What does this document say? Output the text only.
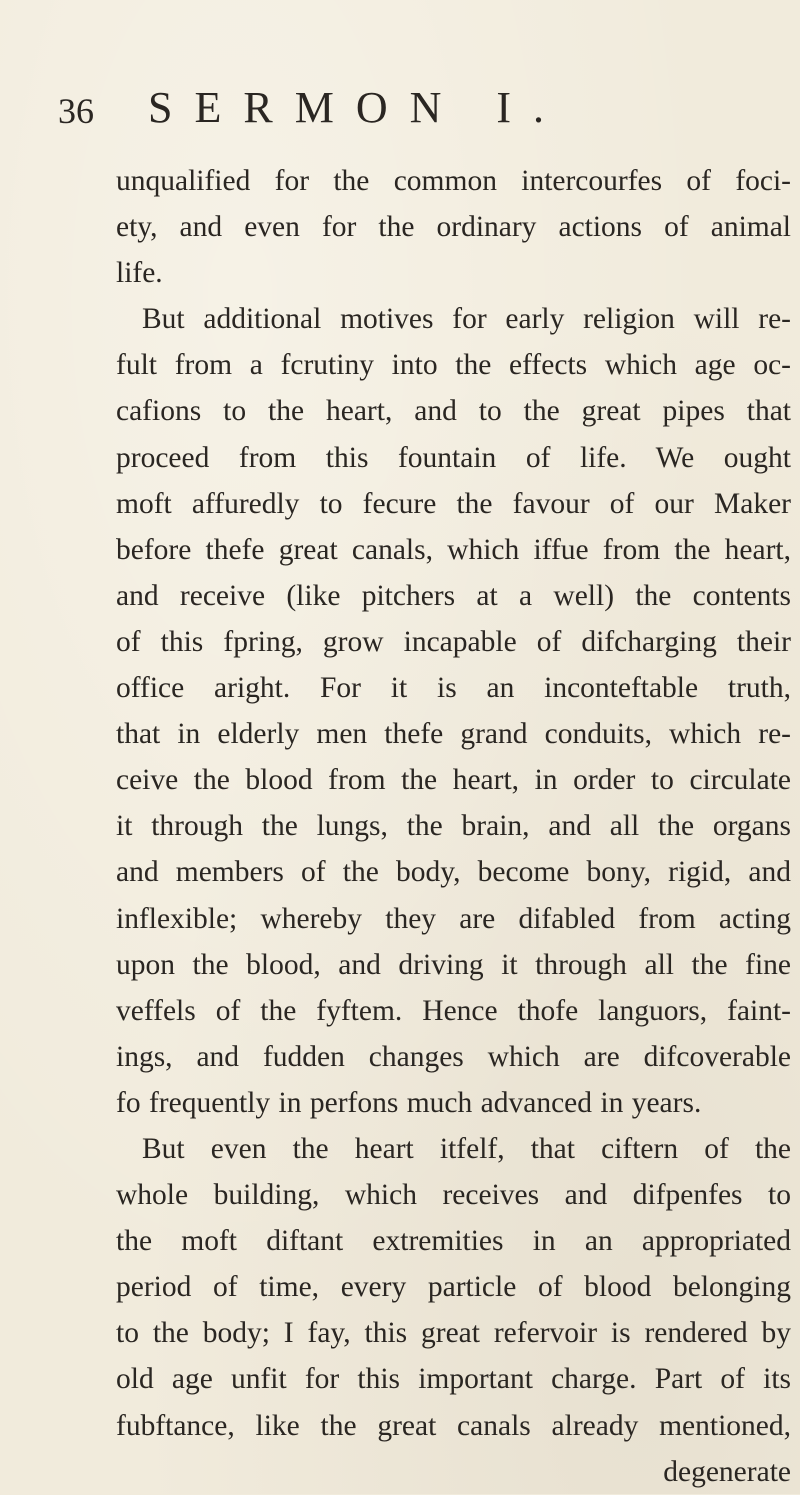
36 SERMON I.
unqualified for the common intercourfes of foci-
ety, and even for the ordinary actions of animal
life.
But additional motives for early religion will re-
fult from a fcrutiny into the effects which age oc-
cafions to the heart, and to the great pipes that
proceed from this fountain of life. We ought
moft affuredly to fecure the favour of our Maker
before thefe great canals, which iffue from the heart,
and receive (like pitchers at a well) the contents
of this fpring, grow incapable of difcharging their
office aright. For it is an inconteftable truth,
that in elderly men thefe grand conduits, which re-
ceive the blood from the heart, in order to circulate
it through the lungs, the brain, and all the organs
and members of the body, become bony, rigid, and
inflexible; whereby they are difabled from acting
upon the blood, and driving it through all the fine
veffels of the fyftem. Hence thofe languors, faint-
ings, and fudden changes which are difcoverable
fo frequently in perfons much advanced in years.
But even the heart itfelf, that ciftern of the
whole building, which receives and difpenfes to
the moft diftant extremities in an appropriated
period of time, every particle of blood belonging
to the body; I fay, this great refervoir is rendered by
old age unfit for this important charge. Part of its
fubftance, like the great canals already mentioned,
degenerate
